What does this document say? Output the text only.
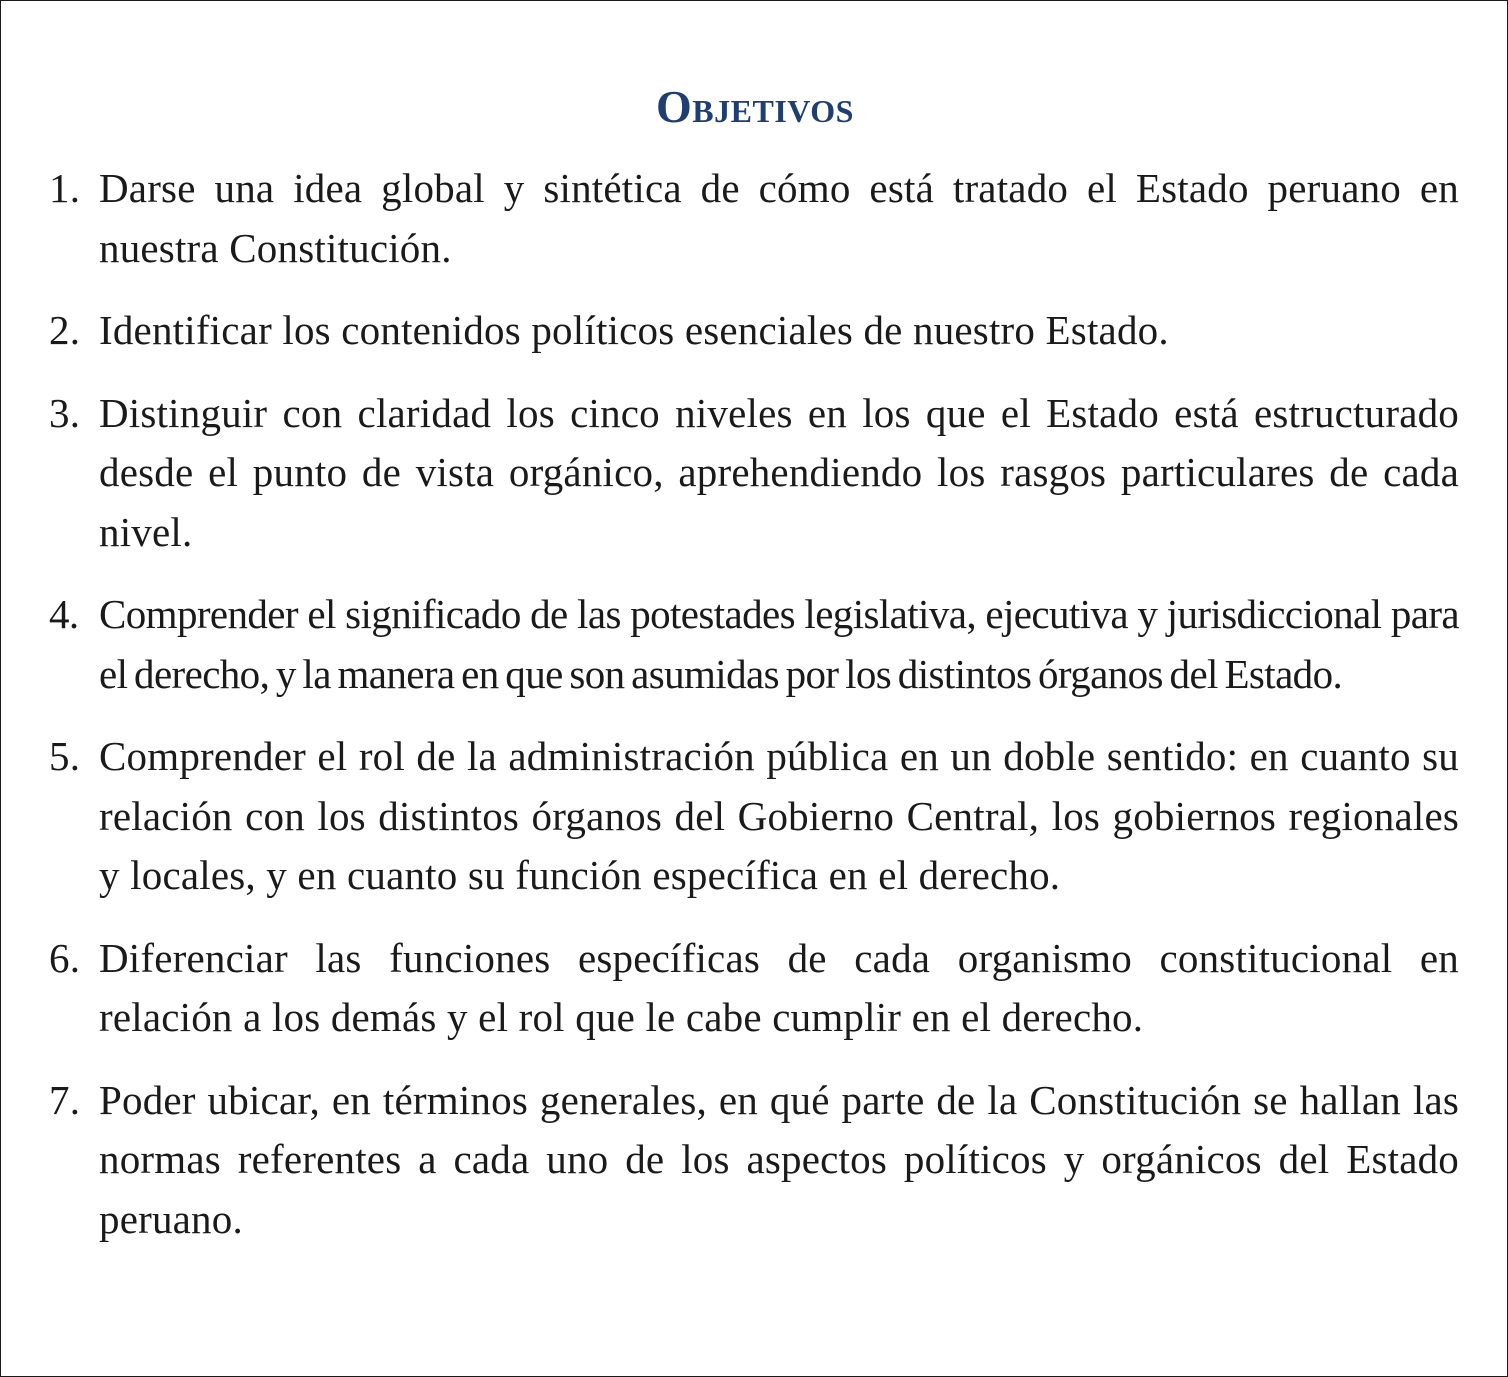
Objetivos
1. Darse una idea global y sintética de cómo está tratado el Estado peruano en nuestra Constitución.
2. Identificar los contenidos políticos esenciales de nuestro Estado.
3. Distinguir con claridad los cinco niveles en los que el Estado está estructurado desde el punto de vista orgánico, aprehendiendo los rasgos particulares de cada nivel.
4. Comprender el significado de las potestades legislativa, ejecutiva y jurisdiccional para el derecho, y la manera en que son asumidas por los distintos órganos del Estado.
5. Comprender el rol de la administración pública en un doble sentido: en cuanto su relación con los distintos órganos del Gobierno Central, los gobiernos regionales y locales, y en cuanto su función específica en el derecho.
6. Diferenciar las funciones específicas de cada organismo constitucional en relación a los demás y el rol que le cabe cumplir en el derecho.
7. Poder ubicar, en términos generales, en qué parte de la Constitución se hallan las normas referentes a cada uno de los aspectos políticos y orgánicos del Estado peruano.
